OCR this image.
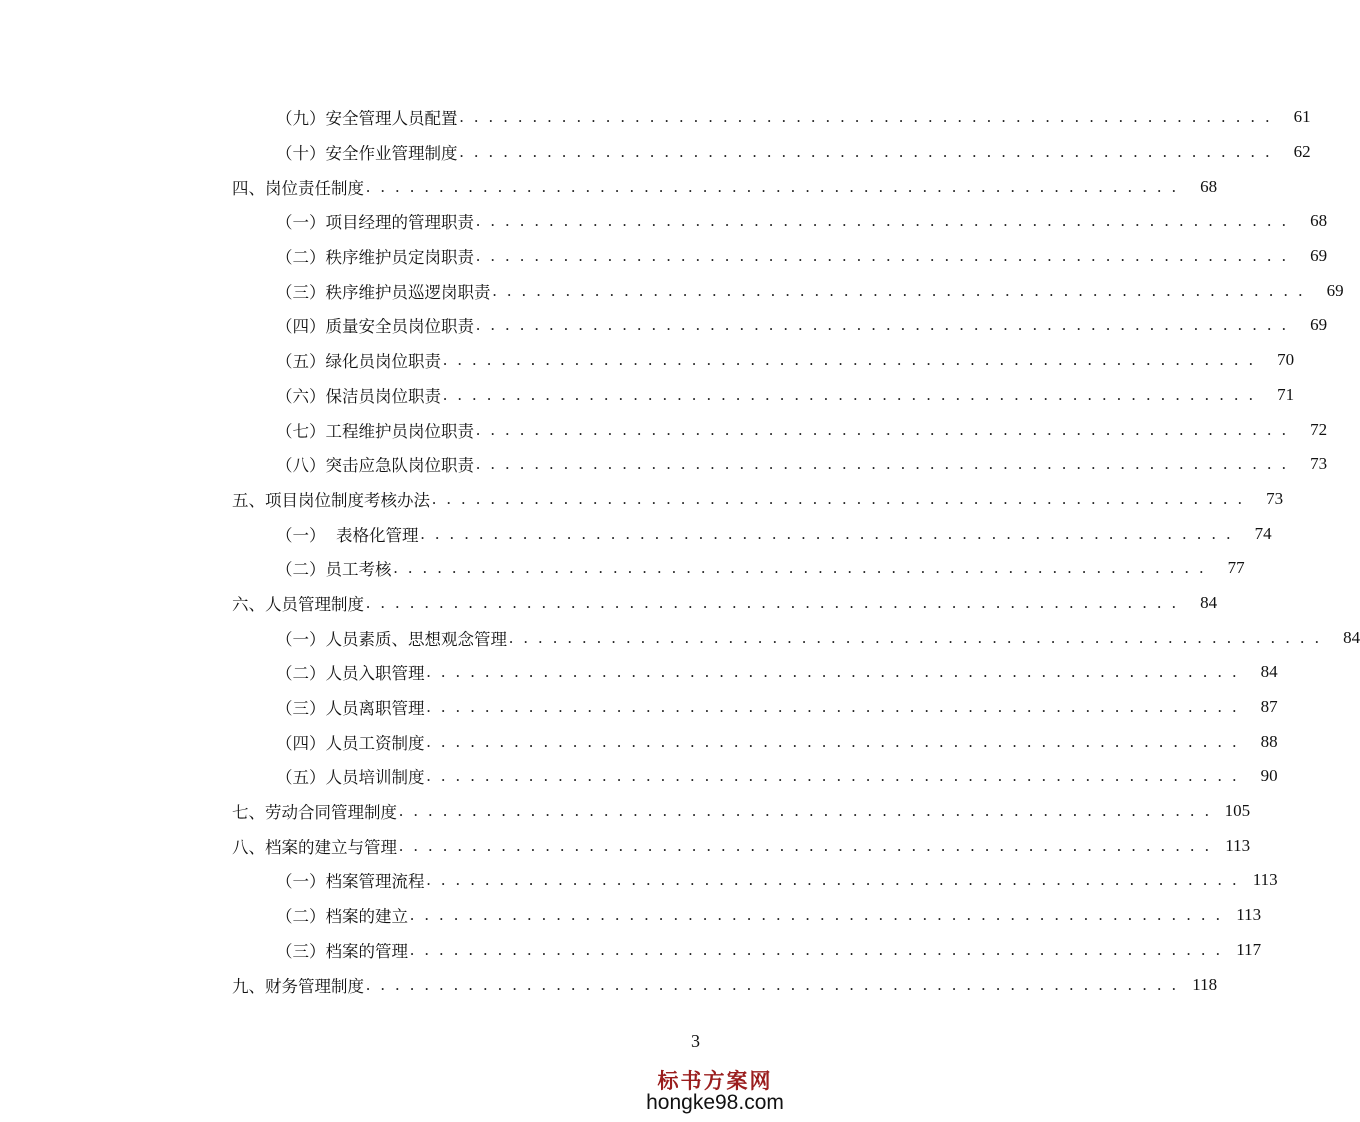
（九）安全管理人员配置 . . . . . . . . . . . . . . . . . . . . . . . . . . . . . . . . . . . . . . . . . . . . . . . . . . . . . . . .	61
（十）安全作业管理制度 . . . . . . . . . . . . . . . . . . . . . . . . . . . . . . . . . . . . . . . . . . . . . . . . . . . . . . . .	62
四、岗位责任制度 . . . . . . . . . . . . . . . . . . . . . . . . . . . . . . . . . . . . . . . . . . . . . . . . . . . . . . . .	68
（一）项目经理的管理职责 . . . . . . . . . . . . . . . . . . . . . . . . . . . . . . . . . . . . . . . . . . . . . . . . . . . . . . . .	68
（二）秩序维护员定岗职责 . . . . . . . . . . . . . . . . . . . . . . . . . . . . . . . . . . . . . . . . . . . . . . . . . . . . . . . .	69
（三）秩序维护员巡逻岗职责 . . . . . . . . . . . . . . . . . . . . . . . . . . . . . . . . . . . . . . . . . . . . . . . . . . . . . . . .	69
（四）质量安全员岗位职责 . . . . . . . . . . . . . . . . . . . . . . . . . . . . . . . . . . . . . . . . . . . . . . . . . . . . . . . .	69
（五）绿化员岗位职责 . . . . . . . . . . . . . . . . . . . . . . . . . . . . . . . . . . . . . . . . . . . . . . . . . . . . . . . .	70
（六）保洁员岗位职责 . . . . . . . . . . . . . . . . . . . . . . . . . . . . . . . . . . . . . . . . . . . . . . . . . . . . . . . .	71
（七）工程维护员岗位职责 . . . . . . . . . . . . . . . . . . . . . . . . . . . . . . . . . . . . . . . . . . . . . . . . . . . . . . . .	72
（八）突击应急队岗位职责 . . . . . . . . . . . . . . . . . . . . . . . . . . . . . . . . . . . . . . . . . . . . . . . . . . . . . . . .	73
五、项目岗位制度考核办法 . . . . . . . . . . . . . . . . . . . . . . . . . . . . . . . . . . . . . . . . . . . . . . . . . . . . . . . .	73
（一）  表格化管理 . . . . . . . . . . . . . . . . . . . . . . . . . . . . . . . . . . . . . . . . . . . . . . . . . . . . . . . .	74
（二）员工考核 . . . . . . . . . . . . . . . . . . . . . . . . . . . . . . . . . . . . . . . . . . . . . . . . . . . . . . . .	77
六、人员管理制度 . . . . . . . . . . . . . . . . . . . . . . . . . . . . . . . . . . . . . . . . . . . . . . . . . . . . . . . .	84
（一）人员素质、思想观念管理 . . . . . . . . . . . . . . . . . . . . . . . . . . . . . . . . . . . . . . . . . . . . . . . . . . . . . . . .	84
（二）人员入职管理 . . . . . . . . . . . . . . . . . . . . . . . . . . . . . . . . . . . . . . . . . . . . . . . . . . . . . . . .	84
（三）人员离职管理 . . . . . . . . . . . . . . . . . . . . . . . . . . . . . . . . . . . . . . . . . . . . . . . . . . . . . . . .	87
（四）人员工资制度 . . . . . . . . . . . . . . . . . . . . . . . . . . . . . . . . . . . . . . . . . . . . . . . . . . . . . . . .	88
（五）人员培训制度 . . . . . . . . . . . . . . . . . . . . . . . . . . . . . . . . . . . . . . . . . . . . . . . . . . . . . . . .	90
七、劳动合同管理制度 . . . . . . . . . . . . . . . . . . . . . . . . . . . . . . . . . . . . . . . . . . . . . . . . . . . . . . . . 105
八、档案的建立与管理 . . . . . . . . . . . . . . . . . . . . . . . . . . . . . . . . . . . . . . . . . . . . . . . . . . . . . . . . 113
（一）档案管理流程 . . . . . . . . . . . . . . . . . . . . . . . . . . . . . . . . . . . . . . . . . . . . . . . . . . . . . . . . 113
（二）档案的建立 . . . . . . . . . . . . . . . . . . . . . . . . . . . . . . . . . . . . . . . . . . . . . . . . . . . . . . . . 113
（三）档案的管理 . . . . . . . . . . . . . . . . . . . . . . . . . . . . . . . . . . . . . . . . . . . . . . . . . . . . . . . . 117
九、财务管理制度 . . . . . . . . . . . . . . . . . . . . . . . . . . . . . . . . . . . . . . . . . . . . . . . . . . . . . . . . 118
3
标书方案网
hongke98.com
